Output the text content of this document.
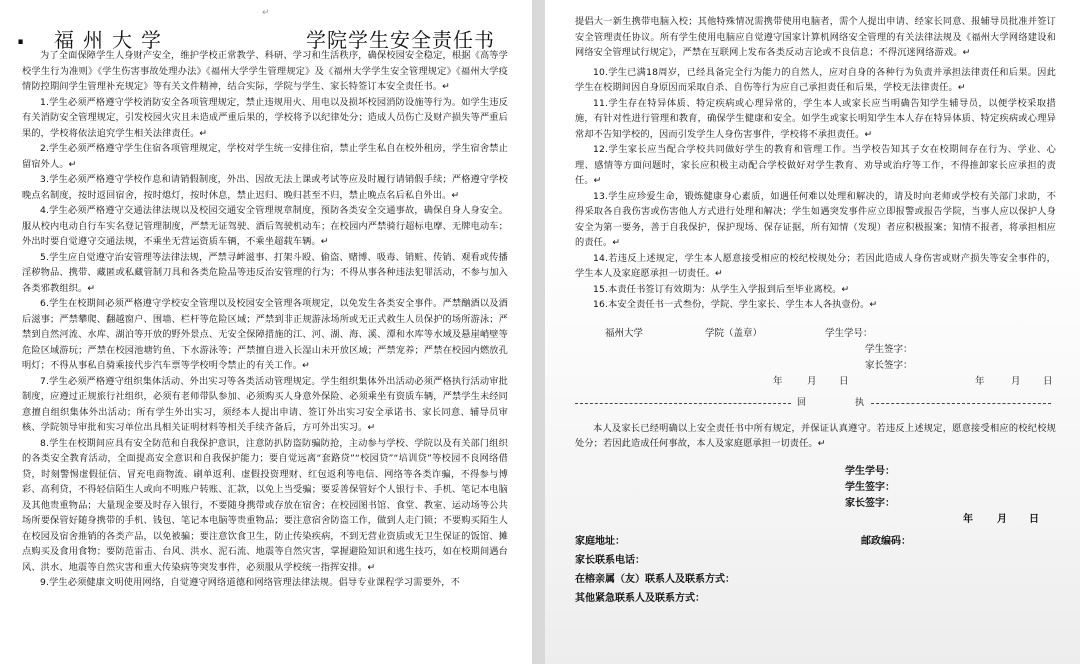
↵
. 福州大学	学院学生安全责任书

为了全面保障学生人身财产安全，维护学校正常教学、科研、学习和生活秩序，确保校园安全稳定，根据《高等学校学生行为准则》《学生伤害事故处理办法》《福州大学学生管理规定》及《福州大学学生安全管理规定》《福州大学疫情防控期间学生管理补充规定》等有关文件精神，结合实际，学院与学生、家长特签订本安全责任书。↵

1.学生必须严格遵守学校消防安全各项管理规定，禁止违规用火、用电以及损坏校园消防设施等行为。如学生违反有关消防安全管理规定，引发校园火灾且未造成严重后果的，学校将予以纪律处分；造成人员伤亡及财产损失等严重后果的，学校将依法追究学生相关法律责任。↵

2.学生必须严格遵守学生住宿各项管理规定，学校对学生统一安排住宿，禁止学生私自在校外租房，学生宿舍禁止留宿外人。↵

3.学生必须严格遵守学校作息和请销假制度，外出、因故无法上课或考试等应及时履行请销假手续；严格遵守学校晚点名制度，按时返回宿舍，按时熄灯，按时休息，禁止迟归、晚归甚至不归，禁止晚点名后私自外出。↵

4.学生必须严格遵守交通法律法规以及校园交通安全管理规章制度，预防各类安全交通事故，确保自身人身安全。服从校内电动自行车实名登记管理制度，严禁无证驾驶、酒后驾驶机动车；在校园内严禁骑行超标电摩、无牌电动车；外出时要自觉遵守交通法规，不乘坐无营运资质车辆，不乘坐超载车辆。↵

5.学生应自觉遵守治安管理等法律法规，严禁寻衅滋事、打架斗殴、偷盗、赌博、吸毒、销赃、传销、观看或传播淫秽物品、携带、藏匿或私藏管制刀具和各类危险品等违反治安管理的行为；不得从事各种违法犯罪活动，不参与加入各类邪教组织。↵

6.学生在校期间必须严格遵守学校安全管理以及校园安全管理各项规定，以免发生各类安全事件。严禁酗酒以及酒后滋事；严禁攀爬、翻越窗户、围墙、栏杆等危险区域；严禁到非正规游泳场所或无正式救生人员保护的场所游泳；严禁到自然河流、水库、湖泊等开放的野外景点、无安全保障措施的江、河、湖、海、溪、潭和水库等水域及悬崖峭壁等危险区域游玩；严禁在校园池塘钓鱼、下水游泳等；严禁擅自进入长湿山未开放区域；严禁宠养；严禁在校园内燃放孔明灯；不得从事私自骑乘接代步汽车票等学校明令禁止的有关工作。↵

7.学生必须严格遵守组织集体活动、外出实习等各类活动管理规定。学生组织集体外出活动必须严格执行活动审批制度，应遵过正规旅行社组织，必须有老师带队参加、必须购买人身意外保险、必须乘坐有资质车辆，严禁学生未经同意擅自组织集体外出活动；所有学生外出实习，须经本人提出申请、签订外出实习安全承诺书、家长同意、辅导员审核、学院领导审批和实习单位出具相关证明材料等相关手续齐备后，方可外出实习。↵

8.学生在校期间应具有安全防范和自我保护意识，注意防扒防盗防骗防抢，主动参与学校、学院以及有关部门组织的各类安全教育活动，全面提高安全意识和自我保护能力；要自觉远离“套路贷”“校园贷”“培训贷”等校园不良网络借贷，时刻警惕虚假征信、冒充电商物流、刷单返利、虚假投资理财、红包返利等电信、网络等各类诈骗，不得参与博彩、高利贷，不得轻信陌生人或向不明账户转账、汇款，以免上当受骗；要妥善保管好个人银行卡、手机、笔记本电脑及其他贵重物品；大量现金要及时存入银行，不要随身携带或存放在宿舍；在校园图书馆、食堂、教室、运动场等公共场所要保管好随身携带的手机、钱包、笔记本电脑等贵重物品；要注意宿舍防盗工作，做到人走门锁；不要购买陌生人在校园及宿舍推销的各类产品，以免被骗；要注意饮食卫生，防止传染疾病，不到无营业资质或无卫生保证的饭馆、摊点购买及食用食物；要防范雷击、台风、洪水、泥石流、地震等自然灾害，掌握避险知识和逃生技巧，如在校期间遇台风、洪水、地震等自然灾害和重大传染病等突发事件，必须服从学校统一指挥安排。↵

9.学生必须健康文明使用网络，自觉遵守网络道德和网络管理法律法规。倡导专业课程学习需要外，不

提倡大一新生携带电脑入校；其他特殊情况需携带使用电脑者，需个人提出申请、经家长同意、报辅导员批准并签订安全管理责任协议。所有学生使用电脑应自觉遵守国家计算机网络安全管理的有关法律法规及《福州大学网络建设和网络安全管理试行规定》，严禁在互联网上发布各类反动言论或不良信息；不得沉迷网络游戏。↵

10.学生已满18周岁，已经具备完全行为能力的自然人，应对自身的各种行为负责并承担法律责任和后果。因此学生在校期间因自身原因而采取自杀、自伤等行为应自己承担责任和后果，学校无法律责任。↵

11.学生存在特异体质、特定疾病或心理异常的，学生本人或家长应当明确告知学生辅导员，以便学校采取措施，有针对性进行管理和教育，确保学生健康和安全。如学生或家长明知学生本人存在特异体质、特定疾病或心理异常却不告知学校的，因而引发学生人身伤害事件，学校将不承担责任。↵

12.学生家长应当配合学校共同做好学生的教育和管理工作。当学校告知其子女在校期间存在行为、学业、心理、感情等方面问题时，家长应积极主动配合学校做好对学生教育、劝导或治疗等工作，不得推卸家长应承担的责任。↵

13.学生应珍爱生命，锻炼健康身心素质，如遇任何难以处理和解决的，请及时向老师或学校有关部门求助，不得采取各自我伤害或伤害他人方式进行处理和解决；学生如遇突发事件应立即报警或报告学院，当事人应以保护人身安全为第一要务，善于自我保护，保护现场、保存证据，所有知情（发现）者应积极报案；知情不报者，将承担相应的责任。↵

14.若违反上述规定，学生本人愿意接受相应的校纪校规处分；若因此造成人身伤害或财产损失等安全事件的，学生本人及家庭愿承担一切责任。↵

15.本责任书签订有效期为：从学生入学报到后至毕业离校。↵

16.本安全责任书一式叁份，学院、学生家长、学生本人各执壹份。↵

福州大学	学院（盖章）	学生学号：
学生签字：
家长签字：
年	月 日	年	月 日
回	执

本人及家长已经明确以上安全责任书中所有规定，并保证认真遵守。若违反上述规定，愿意接受相应的校纪校规处分；若因此造成任何事故，本人及家庭愿承担一切责任。↵

学生学号：
学生签字：
家长签字：
年 月 日
家庭地址：	邮政编码：
家长联系电话：
在榕亲属（友）联系人及联系方式：
其他紧急联系人及联系方式：
